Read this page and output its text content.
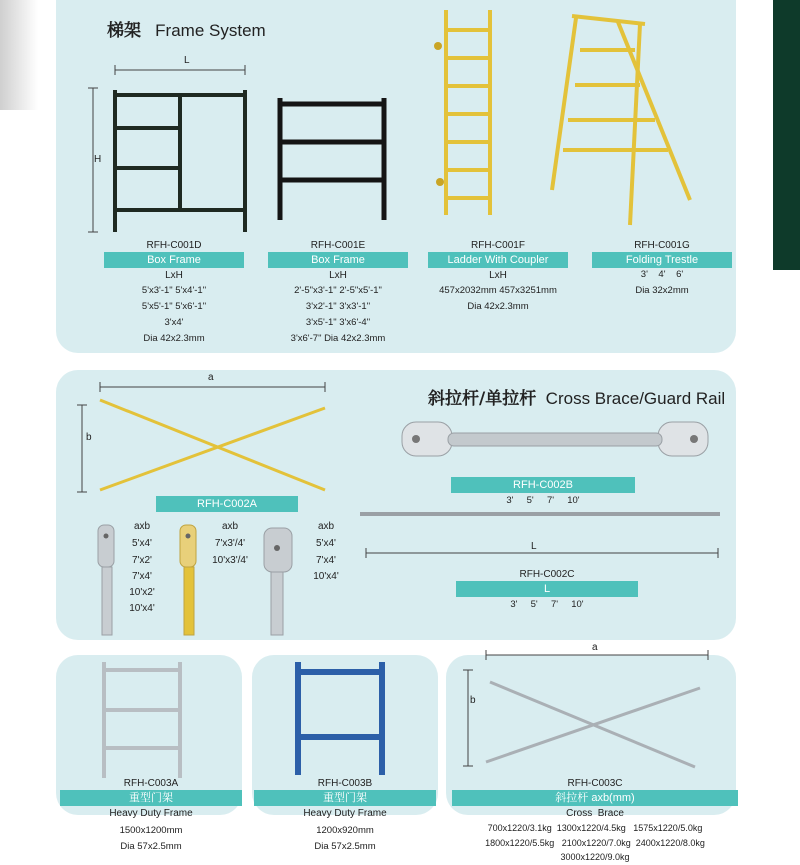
梯架 Frame System
L
H
RFH-C001D
Box Frame
LxH
5'x3'-1" 5'x4'-1"
5'x5'-1" 5'x6'-1"
3'x4'
Dia 42x2.3mm
RFH-C001E
Box Frame
LxH
2'-5"x3'-1" 2'-5"x5'-1"
3'x2'-1" 3'x3'-1"
3'x5'-1" 3'x6'-4"
3'x6'-7" Dia 42x2.3mm
RFH-C001F
Ladder With Coupler
LxH
457x2032mm 457x3251mm
Dia 42x2.3mm
RFH-C001G
Folding Trestle
3'    4'    6'
Dia 32x2mm
斜拉杆/单拉杆 Cross Brace/Guard Rail
a
b
RFH-C002A
axb
5'x4'
7'x2'
7'x4'
10'x2'
10'x4'
axb
7'x3'/4'
10'x3'/4'
axb
5'x4'
7'x4'
10'x4'
RFH-C002B
3'     5'     7'     10'
L
RFH-C002C
L
3'     5'     7'     10'
a
b
RFH-C003A
重型门架
Heavy Duty Frame
1500x1200mm
Dia 57x2.5mm
RFH-C003B
重型门架
Heavy Duty Frame
1200x920mm
Dia 57x2.5mm
RFH-C003C
斜拉杆 axb(mm)
Cross  Brace
700x1220/3.1kg  1300x1220/4.5kg   1575x1220/5.0kg
1800x1220/5.5kg   2100x1220/7.0kg  2400x1220/8.0kg
3000x1220/9.0kg
